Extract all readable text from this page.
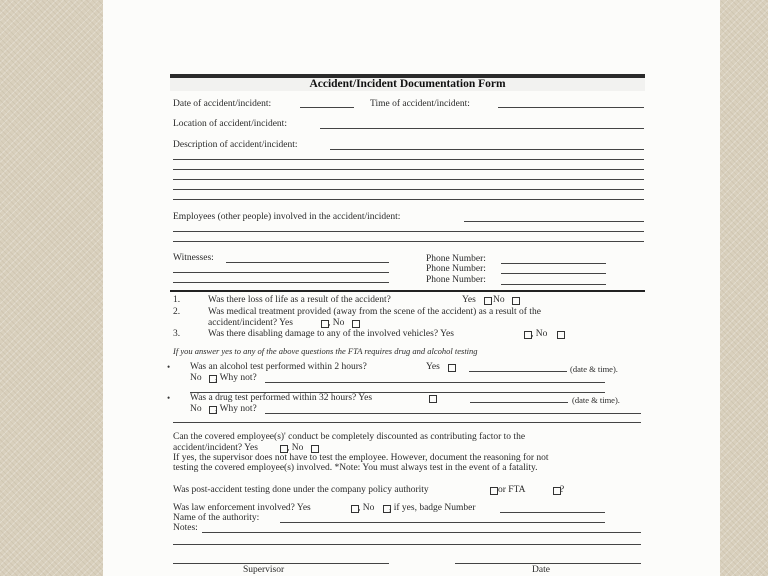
Accident/Incident Documentation Form
Date of accident/incident:	Time of accident/incident:
Location of accident/incident:
Description of accident/incident:
Employees (other people) involved in the accident/incident:
Witnesses:	Phone Number:
Phone Number:
Phone Number:
1.	Was there loss of life as a result of the accident?	Yes No
2.	Was medical treatment provided (away from the scene of the accident) as a result of the
accident/incident? Yes	, No
3.	Was there disabling damage to any of the involved vehicles? Yes	, No
If you answer yes to any of the above questions the FTA requires drug and alcohol testing
• Was an alcohol test performed within 2 hours?	Yes	(date & time).
No , Why not?
• Was a drug test performed within 32 hours? Yes	(date & time).
No , Why not?
Can the covered employee(s)' conduct be completely discounted as contributing factor to the
accident/incident? Yes	, No
If yes, the supervisor does not have to test the employee. However, document the reasoning for not
testing the covered employee(s) involved. *Note: You must always test in the event of a fatality.
Was post-accident testing done under the company policy authority	or FTA	?
Was law enforcement involved? Yes	, No , if yes, badge Number
Name of the authority:
Notes:
Supervisor	Date
